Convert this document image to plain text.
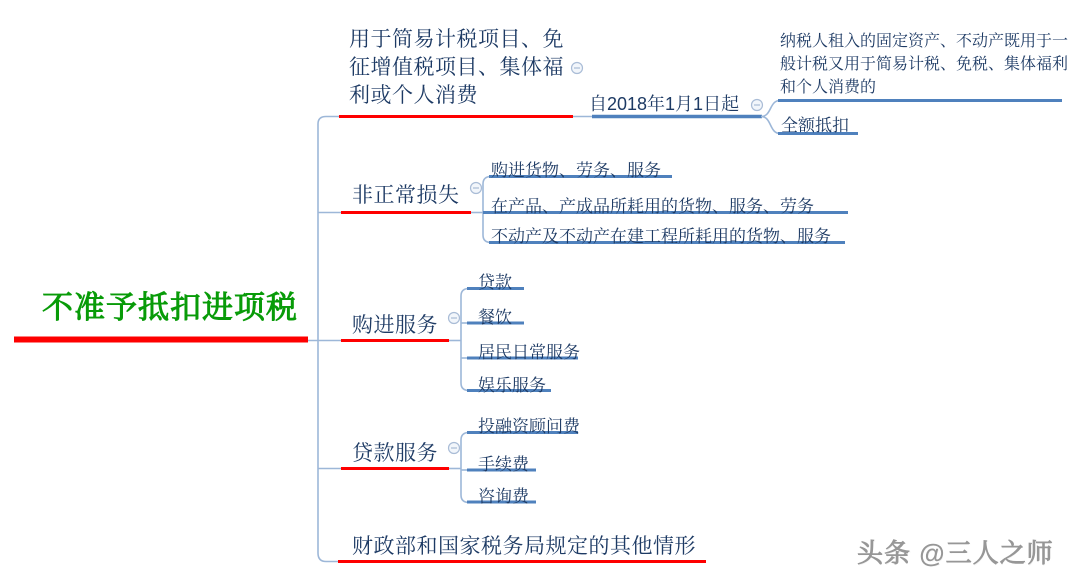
不准予抵扣进项税
用于简易计税项目、免征增值税项目、集体福利或个人消费	自2018年1月1日起
纳税人租入的固定资产、不动产既用于一般计税又用于简易计税、免税、集体福利和个人消费的
全额抵扣
非正常损失
购进货物、劳务、服务
在产品、产成品所耗用的货物、服务、劳务
不动产及不动产在建工程所耗用的货物、服务
购进服务
贷款
餐饮
居民日常服务
娱乐服务
贷款服务
投融资顾问费
手续费
咨询费
财政部和国家税务局规定的其他情形	头条 @三人之师
